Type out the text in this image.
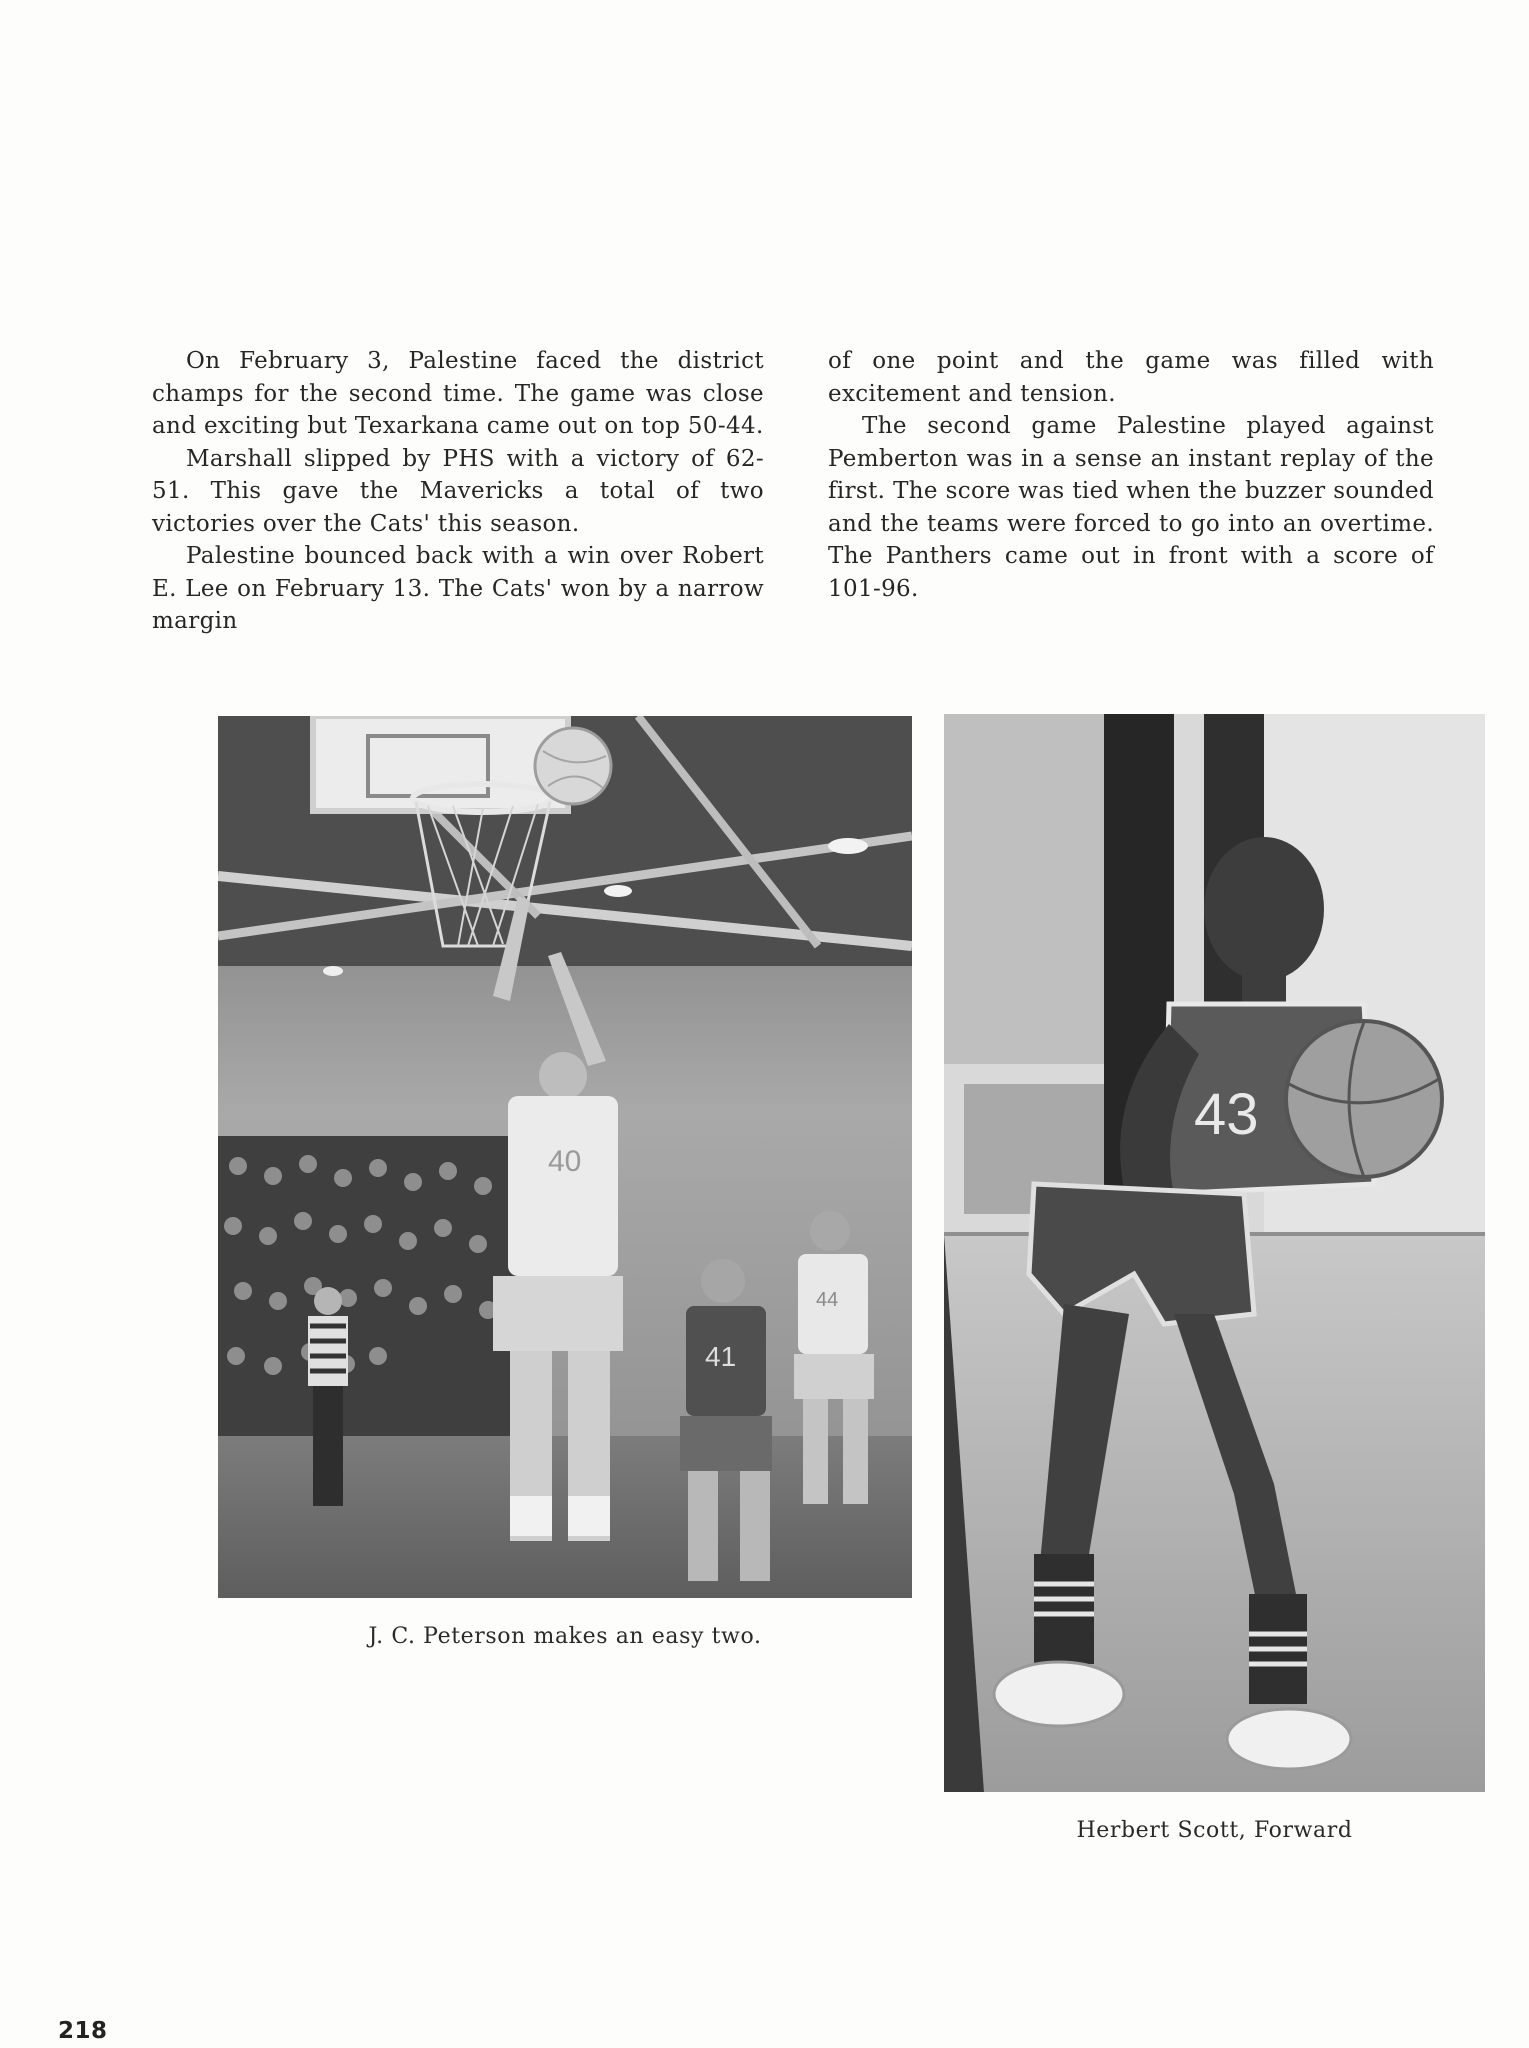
On February 3, Palestine faced the district champs for the second time. The game was close and exciting but Texarkana came out on top 50-44.

Marshall slipped by PHS with a victory of 62-51. This gave the Mavericks a total of two victories over the Cats' this season.

Palestine bounced back with a win over Robert E. Lee on February 13. The Cats' won by a narrow margin

of one point and the game was filled with excitement and tension.

The second game Palestine played against Pemberton was in a sense an instant replay of the first. The score was tied when the buzzer sounded and the teams were forced to go into an overtime. The Panthers came out in front with a score of 101-96.

40
41
44
43
J. C. Peterson makes an easy two.
Herbert Scott, Forward
218
